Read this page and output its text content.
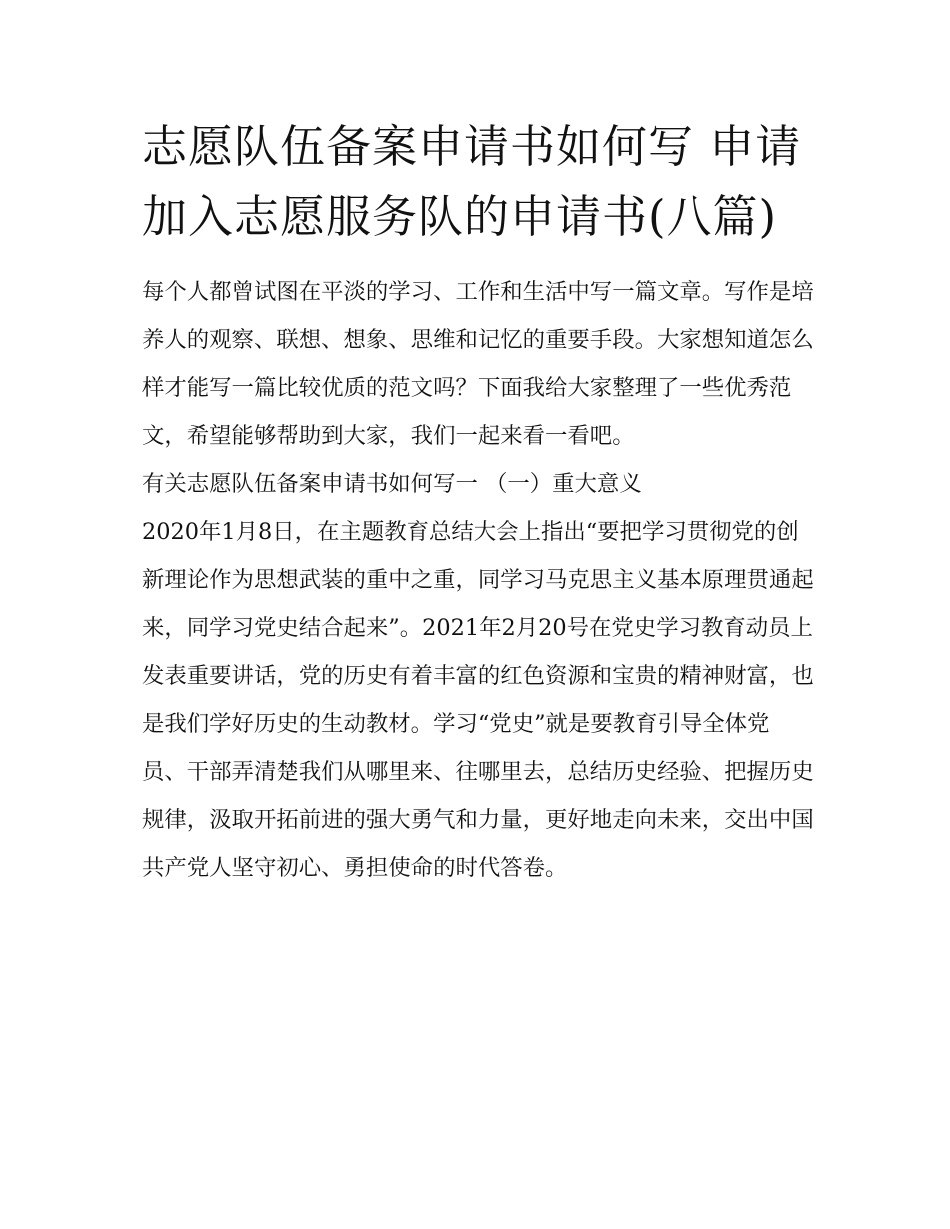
志愿队伍备案申请书如何写 申请加入志愿服务队的申请书(八篇)

每个人都曾试图在平淡的学习、工作和生活中写一篇文章。写作是培养人的观察、联想、想象、思维和记忆的重要手段。大家想知道怎么样才能写一篇比较优质的范文吗？下面我给大家整理了一些优秀范文，希望能够帮助到大家，我们一起来看一看吧。

有关志愿队伍备案申请书如何写一 （一）重大意义

2020年1月8日，在主题教育总结大会上指出“要把学习贯彻党的创新理论作为思想武装的重中之重，同学习马克思主义基本原理贯通起来，同学习党史结合起来”。2021年2月20号在党史学习教育动员上发表重要讲话，党的历史有着丰富的红色资源和宝贵的精神财富，也是我们学好历史的生动教材。学习“党史”就是要教育引导全体党员、干部弄清楚我们从哪里来、往哪里去，总结历史经验、把握历史规律，汲取开拓前进的强大勇气和力量，更好地走向未来，交出中国共产党人坚守初心、勇担使命的时代答卷。
